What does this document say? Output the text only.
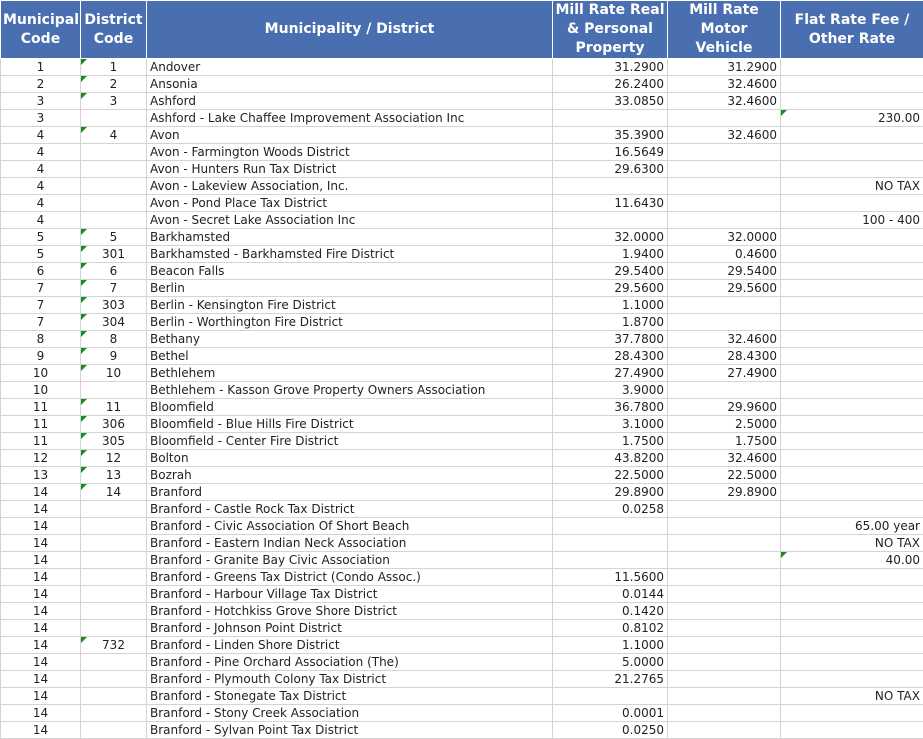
Municipal Code	District Code	Municipality / District	Mill Rate Real & Personal Property	Mill Rate Motor Vehicle	Flat Rate Fee / Other Rate
1	1	Andover	31.2900	31.2900	
2	2	Ansonia	26.2400	32.4600	
3	3	Ashford	33.0850	32.4600	
3		Ashford - Lake Chaffee Improvement Association Inc			230.00
4	4	Avon	35.3900	32.4600	
4		Avon - Farmington Woods District	16.5649		
4		Avon - Hunters Run Tax District	29.6300		
4		Avon - Lakeview Association, Inc.			NO TAX
4		Avon - Pond Place Tax District	11.6430		
4		Avon - Secret Lake Association Inc			100 - 400
5	5	Barkhamsted	32.0000	32.0000	
5	301	Barkhamsted - Barkhamsted Fire District	1.9400	0.4600	
6	6	Beacon Falls	29.5400	29.5400	
7	7	Berlin	29.5600	29.5600	
7	303	Berlin - Kensington Fire District	1.1000		
7	304	Berlin - Worthington Fire District	1.8700		
8	8	Bethany	37.7800	32.4600	
9	9	Bethel	28.4300	28.4300	
10	10	Bethlehem	27.4900	27.4900	
10		Bethlehem - Kasson Grove Property Owners Association	3.9000		
11	11	Bloomfield	36.7800	29.9600	
11	306	Bloomfield - Blue Hills Fire District	3.1000	2.5000	
11	305	Bloomfield - Center Fire District	1.7500	1.7500	
12	12	Bolton	43.8200	32.4600	
13	13	Bozrah	22.5000	22.5000	
14	14	Branford	29.8900	29.8900	
14		Branford - Castle Rock Tax District	0.0258		
14		Branford - Civic Association Of Short Beach			65.00 year
14		Branford - Eastern Indian Neck Association			NO TAX
14		Branford - Granite Bay Civic Association			40.00
14		Branford - Greens Tax District (Condo Assoc.)	11.5600		
14		Branford - Harbour Village Tax District	0.0144		
14		Branford - Hotchkiss Grove Shore District	0.1420		
14		Branford - Johnson Point District	0.8102		
14	732	Branford - Linden Shore District	1.1000		
14		Branford - Pine Orchard Association (The)	5.0000		
14		Branford - Plymouth Colony Tax District	21.2765		
14		Branford - Stonegate Tax District			NO TAX
14		Branford - Stony Creek Association	0.0001		
14		Branford - Sylvan Point Tax District	0.0250		
